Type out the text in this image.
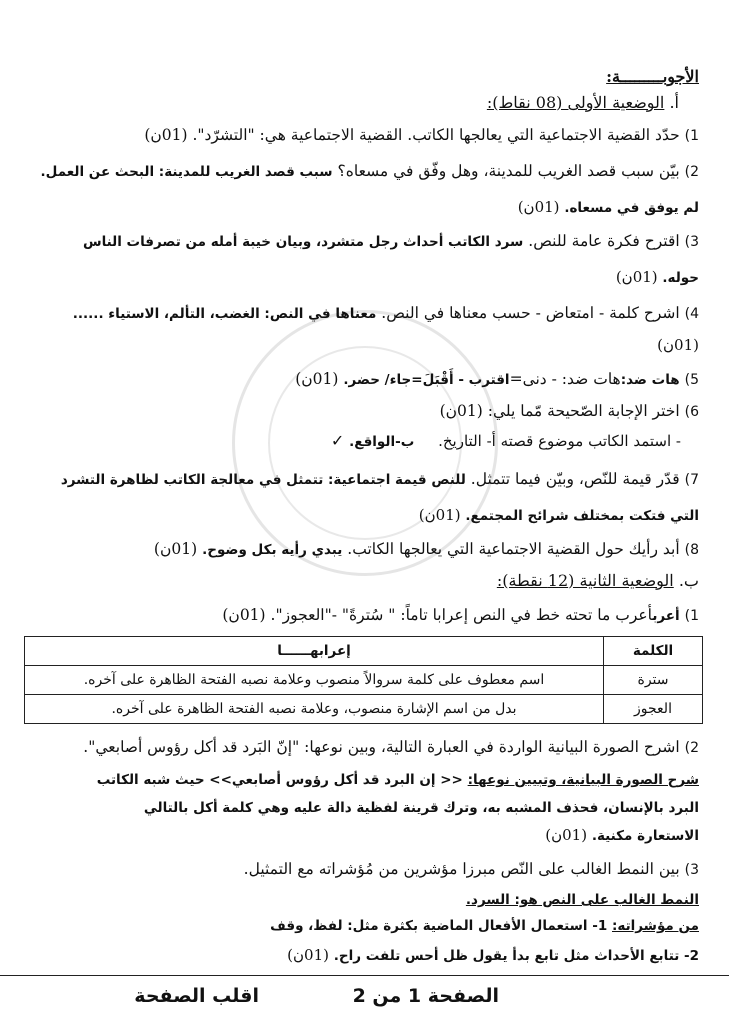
الأجوبـــــــــة:
أ. الوضعية الأولى (08 نقاط):
1) حدّد القضية الاجتماعية التي يعالجها الكاتب. القضية الاجتماعية هي: "التشرّد". (01ن)
2) بيّن سبب قصد الغريب للمدينة، وهل وفّق في مسعاه؟ سبب قصد الغريب للمدينة: البحث عن العمل.
لم يوفق في مسعاه. (01ن)
3) اقترح فكرة عامة للنص. سرد الكاتب أحداث رجل متشرد، وبيان خيبة أمله من تصرفات الناس
حوله. (01ن)
4) اشرح كلمة - امتعاض - حسب معناها في النص. معناها في النص: الغضب، التألم، الاستياء ......
(01ن)
5) هات ضد:هات ضد: - دنى=اقترب - أَقْبَلَ=جاء/ حضر. (01ن)
6) اختر الإجابة الصّحيحة مّما يلي: (01ن)
- استمد الكاتب موضوع قصته أ- التاريخ.     ب-الواقع. ✓
7) قدّر قيمة للنّص، وبيّن فيما تتمثل. للنص قيمة اجتماعية: تتمثل في معالجة الكاتب لظاهرة التشرد
التي فتكت بمختلف شرائح المجتمع. (01ن)
8) أبد رأيك حول القضية الاجتماعية التي يعالجها الكاتب. يبدي رأيه بكل وضوح. (01ن)
ب. الوضعية الثانية (12 نقطة):
1) أعربأعرب ما تحته خط في النص إعرابا تاماً: " سُترةً" -"العجوز". (01ن)
الكلمة	إعرابهــــــا
سترة	اسم معطوف على كلمة سروالاً منصوب وعلامة نصبه الفتحة الظاهرة على آخره.
العجوز	بدل من اسم الإشارة منصوب، وعلامة نصبه الفتحة الظاهرة على آخره.
2) اشرح الصورة البيانية الواردة في العبارة التالية، وبين نوعها: "إنّ البَرد قد أكل رؤوس أصابعي".
شرح الصورة البيانية، وتبيين نوعها: << إن البرد قد أكل رؤوس أصابعي>> حيث شبه الكاتب
البرد بالإنسان، فحذف المشبه به، وترك قرينة لفظية دالة عليه وهي كلمة أكل بالتالي
الاستعارة مكنية. (01ن)
3) بين النمط الغالب على النّص مبرزا مؤشرين من مُؤشراته مع التمثيل.
النمط الغالب على النص هو: السرد.
من مؤشراته: 1- استعمال الأفعال الماضية بكثرة مثل: لفظ، وقف
2- تتابع الأحداث مثل تابع بدأ يقول ظل أحس تلفت راح. (01ن)
الصفحة 1 من 2
اقلب الصفحة
